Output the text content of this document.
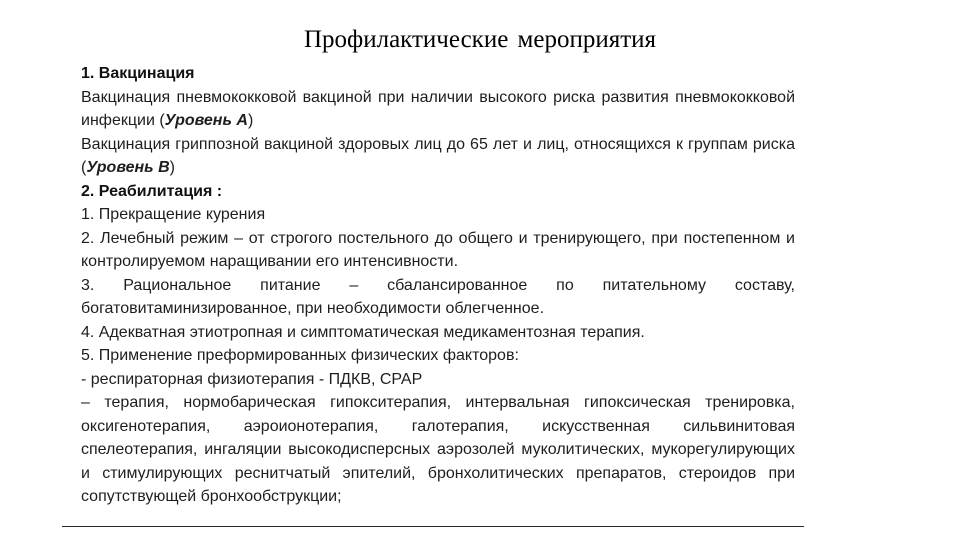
Профилактические мероприятия

1. Вакцинация

Вакцинация пневмококковой вакциной при наличии высокого риска развития пневмококковой инфекции (Уровень A)

Вакцинация гриппозной вакциной здоровых лиц до 65 лет и лиц, относящихся к группам риска (Уровень B)

2. Реабилитация :

1. Прекращение курения

2. Лечебный режим – от строгого постельного до общего и тренирующего, при постепенном и контролируемом наращивании его интенсивности.

3. Рациональное питание – сбалансированное по питательному составу, богатовитаминизированное, при необходимости облегченное.

4. Адекватная этиотропная и симптоматическая медикаментозная терапия.

5. Применение преформированных физических факторов:

- респираторная физиотерапия - ПДКВ, CPAP

– терапия, нормобарическая гипокситерапия, интервальная гипоксическая тренировка, оксигенотерапия, аэроионотерапия, галотерапия, искусственная сильвинитовая спелеотерапия, ингаляции высокодисперсных аэрозолей муколитических, мукорегулирующих и стимулирующих реснитчатый эпителий, бронхолитических препаратов, стероидов при сопутствующей бронхообструкции;
